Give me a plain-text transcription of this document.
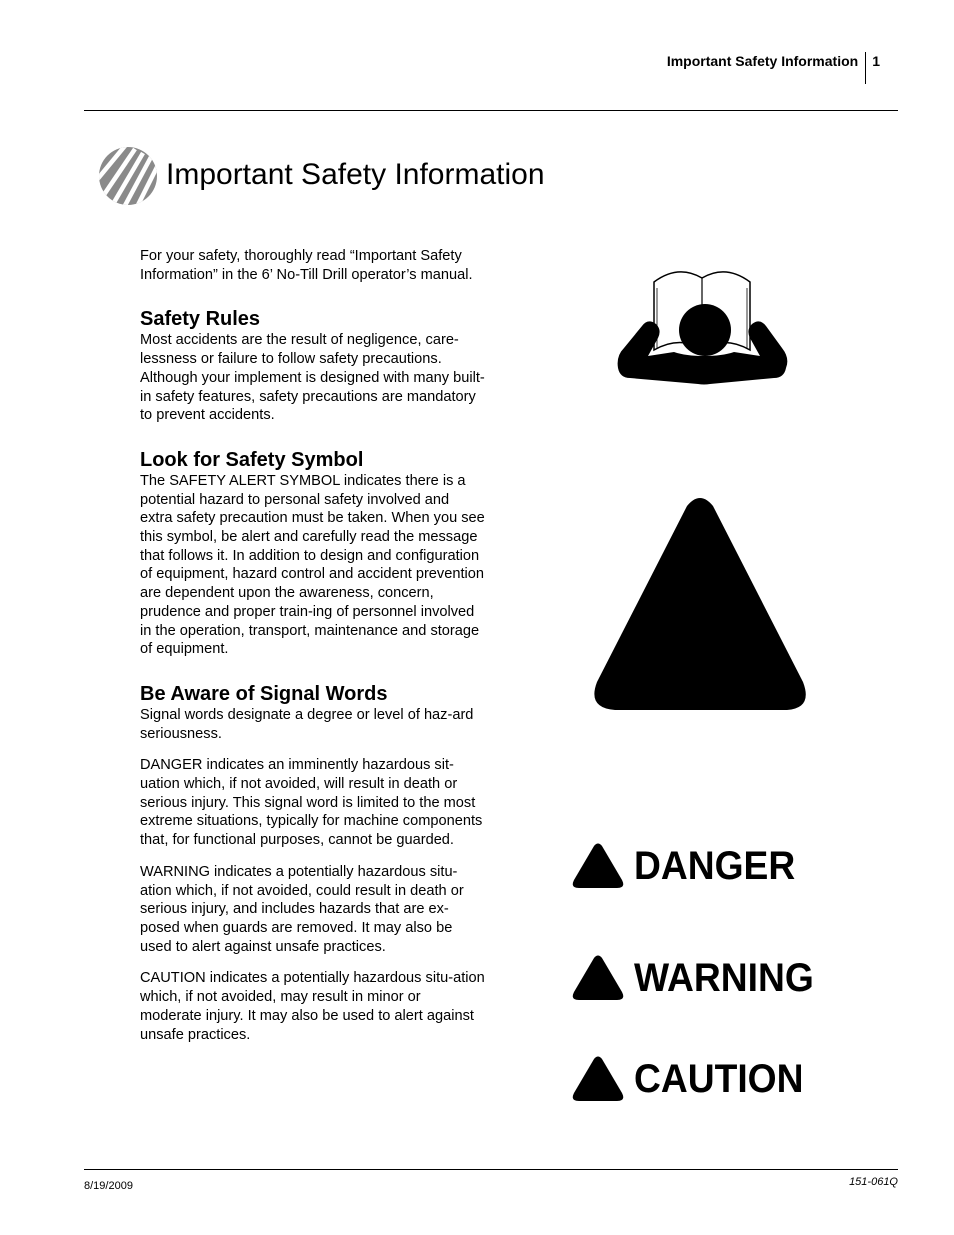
Important Safety Information	1
Important Safety Information

For your safety, thoroughly read “Important Safety Information” in the 6’ No-Till Drill operator’s manual.

Safety Rules

Most accidents are the result of negligence, care-lessness or failure to follow safety precautions. Although your implement is designed with many built-in safety features, safety precautions are mandatory to prevent accidents.

Look for Safety Symbol

The SAFETY ALERT SYMBOL indicates there is a potential hazard to personal safety involved and extra safety precaution must be taken. When you see this symbol, be alert and carefully read the message that follows it. In addition to design and configuration of equipment, hazard control and accident prevention are dependent upon the awareness, concern, prudence and proper train-ing of personnel involved in the operation, transport, maintenance and storage of equipment.

Be Aware of Signal Words

Signal words designate a degree or level of haz-ard seriousness.

DANGER indicates an imminently hazardous sit-uation which, if not avoided, will result in death or serious injury. This signal word is limited to the most extreme situations, typically for machine components that, for functional purposes, cannot be guarded.

WARNING indicates a potentially hazardous situ-ation which, if not avoided, could result in death or serious injury, and includes hazards that are ex-posed when guards are removed. It may also be used to alert against unsafe practices.

CAUTION indicates a potentially hazardous situ-ation which, if not avoided, may result in minor or moderate injury. It may also be used to alert against unsafe practices.

DANGER
WARNING
CAUTION
8/19/2009	151-061Q
